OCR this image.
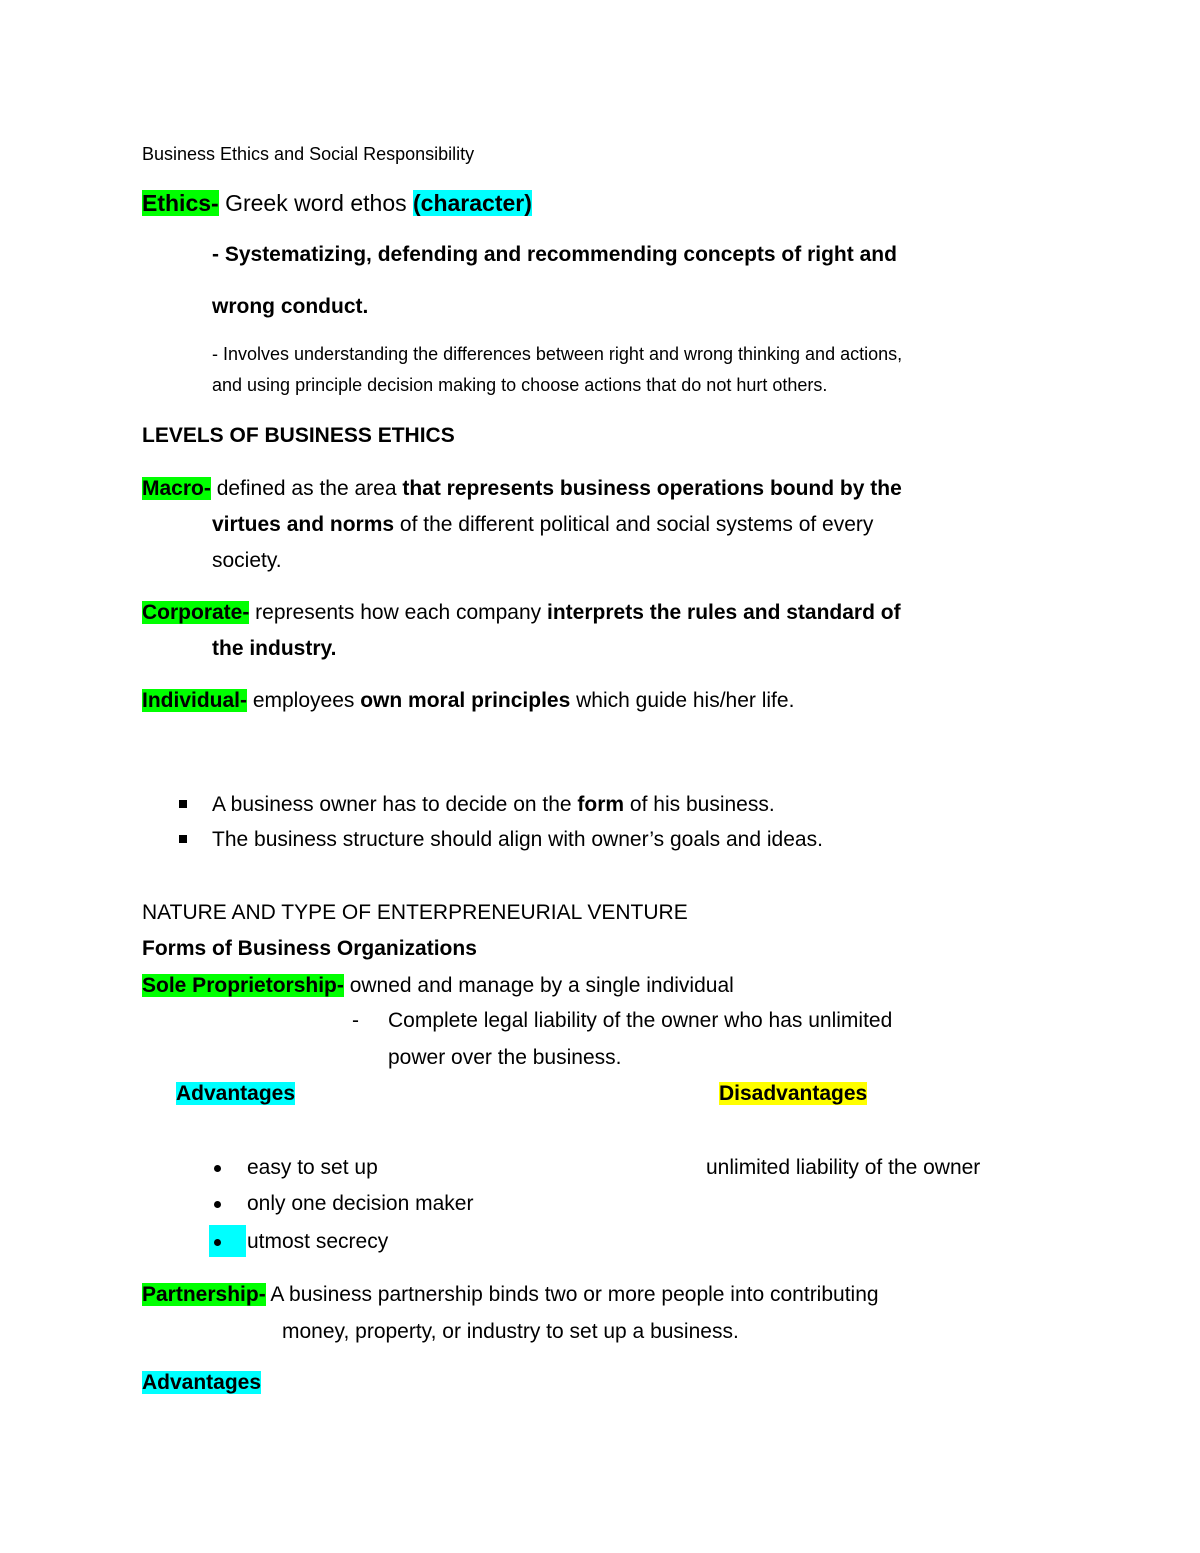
Business Ethics and Social Responsibility
Ethics- Greek word ethos (character)
- Systematizing, defending and recommending concepts of right and
wrong conduct.
- Involves understanding the differences between right and wrong thinking and actions,
and using principle decision making to choose actions that do not hurt others.
LEVELS OF BUSINESS ETHICS
Macro- defined as the area that represents business operations bound by the
virtues and norms of the different political and social systems of every
society.
Corporate- represents how each company interprets the rules and standard of
the industry.
Individual- employees own moral principles which guide his/her life.
A business owner has to decide on the form of his business.
The business structure should align with owner’s goals and ideas.
NATURE AND TYPE OF ENTERPRENEURIAL VENTURE
Forms of Business Organizations
Sole Proprietorship- owned and manage by a single individual
- Complete legal liability of the owner who has unlimited
power over the business.
Advantages	Disadvantages
easy to set up	unlimited liability of the owner
only one decision maker
utmost secrecy
Partnership- A business partnership binds two or more people into contributing
money, property, or industry to set up a business.
Advantages
